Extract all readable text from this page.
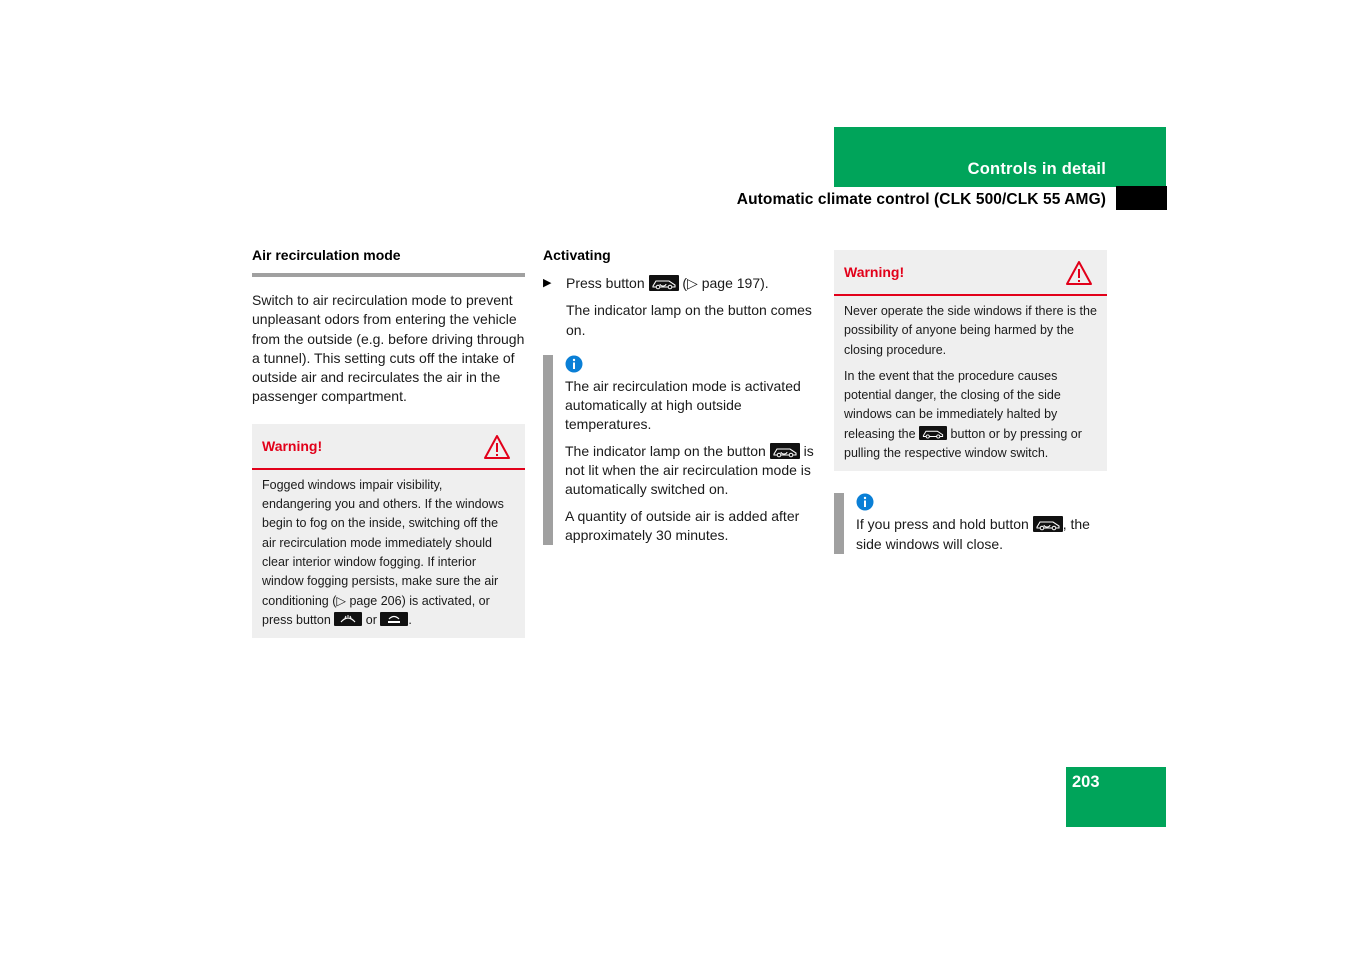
Controls in detail
Automatic climate control (CLK 500/CLK 55 AMG)
Air recirculation mode

Switch to air recirculation mode to prevent unpleasant odors from entering the vehicle from the outside (e.g. before driving through a tunnel). This setting cuts off the intake of outside air and recirculates the air in the passenger compartment.

Warning!
Fogged windows impair visibility, endangering you and others. If the windows begin to fog on the inside, switching off the air recirculation mode immediately should clear interior window fogging. If interior window fogging persists, make sure the air conditioning (▷ page 206) is activated, or press button	or	.
Activating
▶	Press button	(▷ page 197).

The indicator lamp on the button comes on.

The air recirculation mode is activated automatically at high outside temperatures.

The indicator lamp on the button	is not lit when the air recirculation mode is automatically switched on.

A quantity of outside air is added after approximately 30 minutes.

Warning!

Never operate the side windows if there is the possibility of anyone being harmed by the closing procedure.

In the event that the procedure causes potential danger, the closing of the side windows can be immediately halted by releasing the	button or by pressing or pulling the respective window switch.

If you press and hold button , the side windows will close.

203
